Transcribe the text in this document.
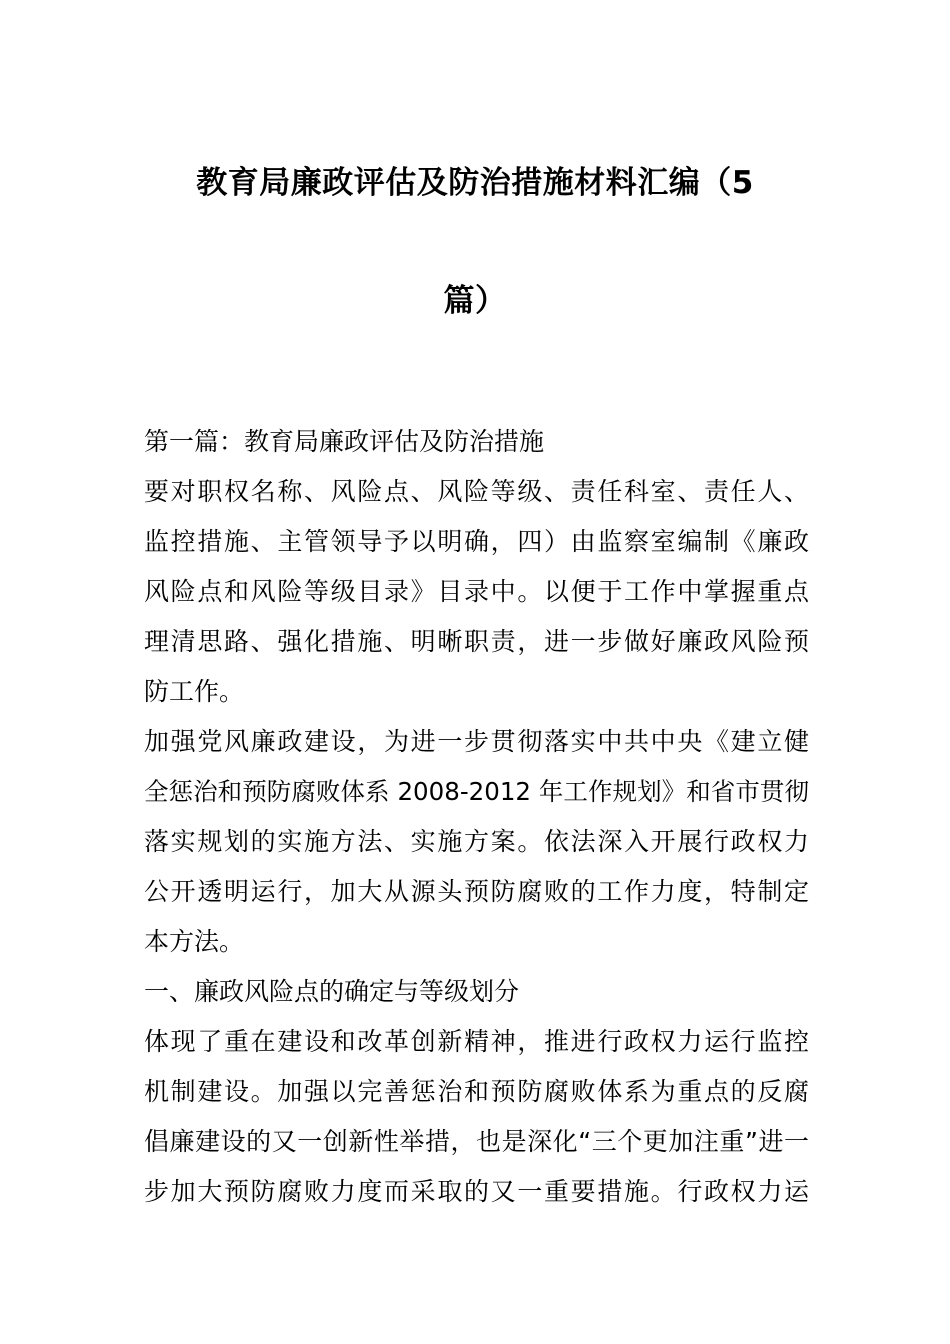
教育局廉政评估及防治措施材料汇编（5
篇）
第一篇：教育局廉政评估及防治措施
要对职权名称、风险点、风险等级、责任科室、责任人、
监控措施、主管领导予以明确，四）由监察室编制《廉政
风险点和风险等级目录》目录中。以便于工作中掌握重点
理清思路、强化措施、明晰职责，进一步做好廉政风险预
防工作。
加强党风廉政建设，为进一步贯彻落实中共中央《建立健
全惩治和预防腐败体系 2008-2012 年工作规划》和省市贯彻
落实规划的实施方法、实施方案。依法深入开展行政权力
公开透明运行，加大从源头预防腐败的工作力度，特制定
本方法。
一、廉政风险点的确定与等级划分
体现了重在建设和改革创新精神，推进行政权力运行监控
机制建设。加强以完善惩治和预防腐败体系为重点的反腐
倡廉建设的又一创新性举措，也是深化“三个更加注重”进一
步加大预防腐败力度而采取的又一重要措施。行政权力运
